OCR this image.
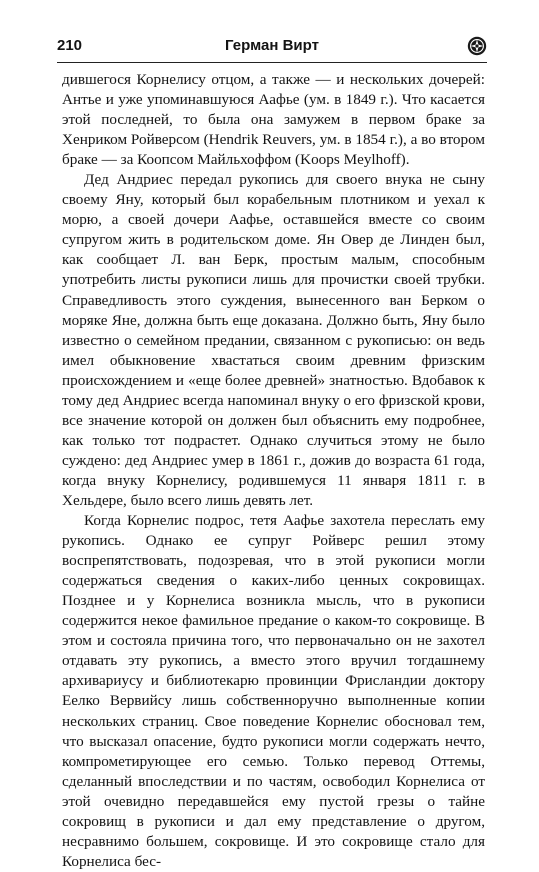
210	Герман Вирт

дившегося Корнелису отцом, а также — и нескольких дочерей: Антье и уже упоминавшуюся Аафье (ум. в 1849 г.). Что касается этой последней, то была она замужем в первом браке за Хенриком Ройверсом (Hendrik Reuvers, ум. в 1854 г.), а во втором браке — за Коопсом Майльхоффом (Koops Meylhoff).

Дед Андриес передал рукопись для своего внука не сыну своему Яну, который был корабельным плотником и уехал к морю, а своей дочери Аафье, оставшейся вместе со своим супругом жить в родительском доме. Ян Овер де Линден был, как сообщает Л. ван Берк, простым малым, способным употребить листы рукописи лишь для прочистки своей трубки. Справедливость этого суждения, вынесенного ван Берком о моряке Яне, должна быть еще доказана. Должно быть, Яну было известно о семейном предании, связанном с рукописью: он ведь имел обыкновение хвастаться своим древним фризским происхождением и «еще более древней» знатностью. Вдобавок к тому дед Андриес всегда напоминал внуку о его фризской крови, все значение которой он должен был объяснить ему подробнее, как только тот подрастет. Однако случиться этому не было суждено: дед Андриес умер в 1861 г., дожив до возраста 61 года, когда внуку Корнелису, родившемуся 11 января 1811 г. в Хельдере, было всего лишь девять лет.

Когда Корнелис подрос, тетя Аафье захотела переслать ему рукопись. Однако ее супруг Ройверс решил этому воспрепятствовать, подозревая, что в этой рукописи могли содержаться сведения о каких-либо ценных сокровищах. Позднее и у Корнелиса возникла мысль, что в рукописи содержится некое фамильное предание о каком-то сокровище. В этом и состояла причина того, что первоначально он не захотел отдавать эту рукопись, а вместо этого вручил тогдашнему архивариусу и библиотекарю провинции Фрисландии доктору Еелко Вервийсу лишь собственноручно выполненные копии нескольких страниц. Свое поведение Корнелис обосновал тем, что высказал опасение, будто рукописи могли содержать нечто, компрометирующее его семью. Только перевод Оттемы, сделанный впоследствии и по частям, освободил Корнелиса от этой очевидно передавшейся ему пустой грезы о тайне сокровищ в рукописи и дал ему представление о другом, несравнимо большем, сокровище. И это сокровище стало для Корнелиса бес-
